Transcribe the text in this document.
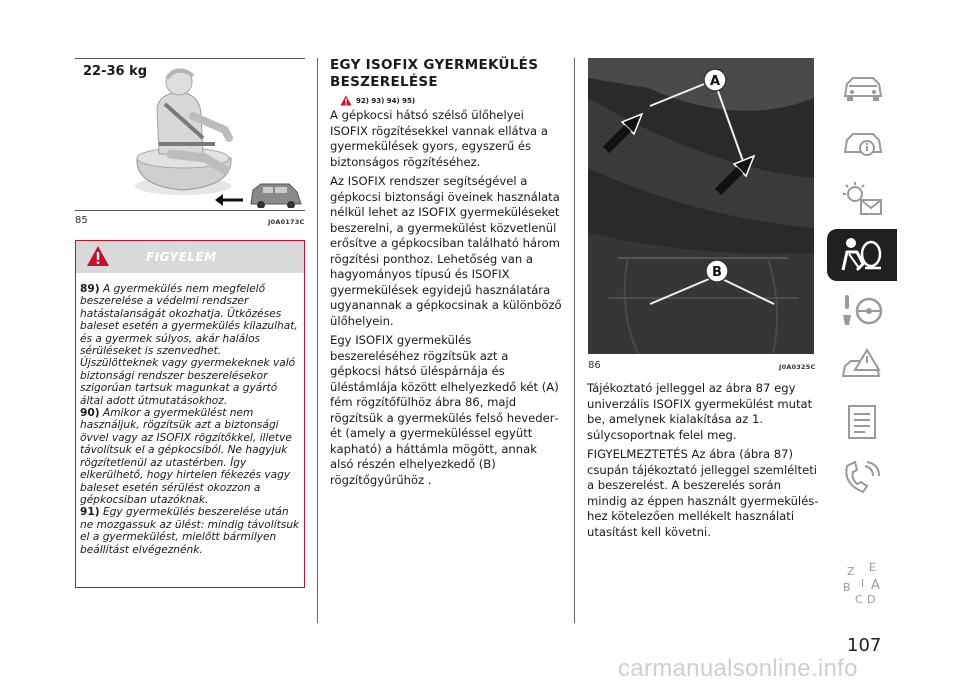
22-36 kg
85	J0A0173C
FIGYELEM
89) A gyermekülés nem megfelelő beszerelése a védelmi rendszer hatástalanságát okozhatja. Ütközéses baleset esetén a gyermekülés kilazulhat, és a gyermek súlyos, akár halálos sérüléseket is szenvedhet. Újszülötteknek vagy gyermekeknek való biztonsági rendszer beszerelésekor szigorúan tartsuk magunkat a gyártó által adott útmutatásokhoz.
90) Amikor a gyermekülést nem használjuk, rögzítsük azt a biztonsági övvel vagy az ISOFIX rögzítőkkel, illetve távolítsuk el a gépkocsiból. Ne hagyjuk rögzítetlenül az utastérben. Így elkerülhető, hogy hirtelen fékezés vagy baleset esetén sérülést okozzon a gépkocsiban utazóknak.
91) Egy gyermekülés beszerelése után ne mozgassuk az ülést: mindig távolítsuk el a gyermekülést, mielőtt bármilyen beállítást elvégeznénk.
EGY ISOFIX GYERMEKÜLÉS BESZERELÉSE
92) 93) 94) 95)

A gépkocsi hátsó szélső ülőhelyei ISOFIX rögzítésekkel vannak ellátva a gyermekülések gyors, egyszerű és biztonságos rögzítéséhez.

Az ISOFIX rendszer segítségével a gépkocsi biztonsági öveinek használata nélkül lehet az ISOFIX gyermeküléseket beszerelni, a gyermekülést közvetlenül erősítve a gépkocsiban található három rögzítési ponthoz. Lehetőség van a hagyományos típusú és ISOFIX gyermekülések egyidejű használatára ugyanannak a gépkocsinak a különböző ülőhelyein.

Egy ISOFIX gyermekülés beszereléséhez rögzítsük azt a gépkocsi hátsó üléspárnája és üléstámlája között elhelyezkedő két (A) fém rögzítőfülhöz ábra 86, majd rögzítsük a gyermekülés felső hevederét (amely a gyermeküléssel együtt kapható) a háttámla mögött, annak alsó részén elhelyezkedő (B) rögzítőgyűrűhöz .

A
B
86	J0A0325C

Tájékoztató jelleggel az ábra 87 egy univerzális ISOFIX gyermekülést mutat be, amelynek kialakítása az 1. súlycsoportnak felel meg.

FIGYELMEZTETÉS Az ábra (ábra 87) csupán tájékoztató jelleggel szemlélteti a beszerelést. A beszerelés során mindig az éppen használt gyermeküléshez kötelezően mellékelt használati utasítást kell követni.

Z E
B A
C D
I
107
carmanualsonline.info
